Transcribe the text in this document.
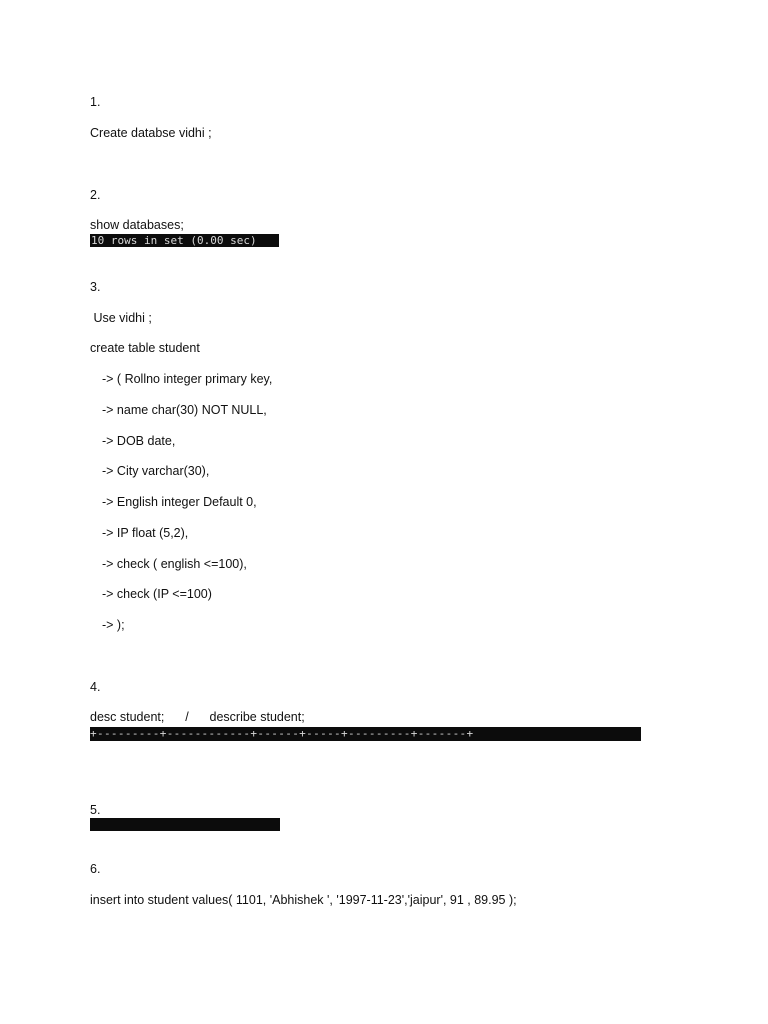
1.
Create databse vidhi ;
2.
show databases;
10 rows in set (0.00 sec)
3.
Use vidhi ;
create table student
-> ( Rollno integer primary key,
-> name char(30) NOT NULL,
-> DOB date,
-> City varchar(30),
-> English integer Default 0,
-> IP float (5,2),
-> check ( english <=100),
-> check (IP <=100)
-> );
4.
desc student;      /      describe student;
+---------+------------+------+-----+---------+-------+
5.
6.
insert into student values( 1101, 'Abhishek ', '1997-11-23','jaipur', 91 , 89.95 );
